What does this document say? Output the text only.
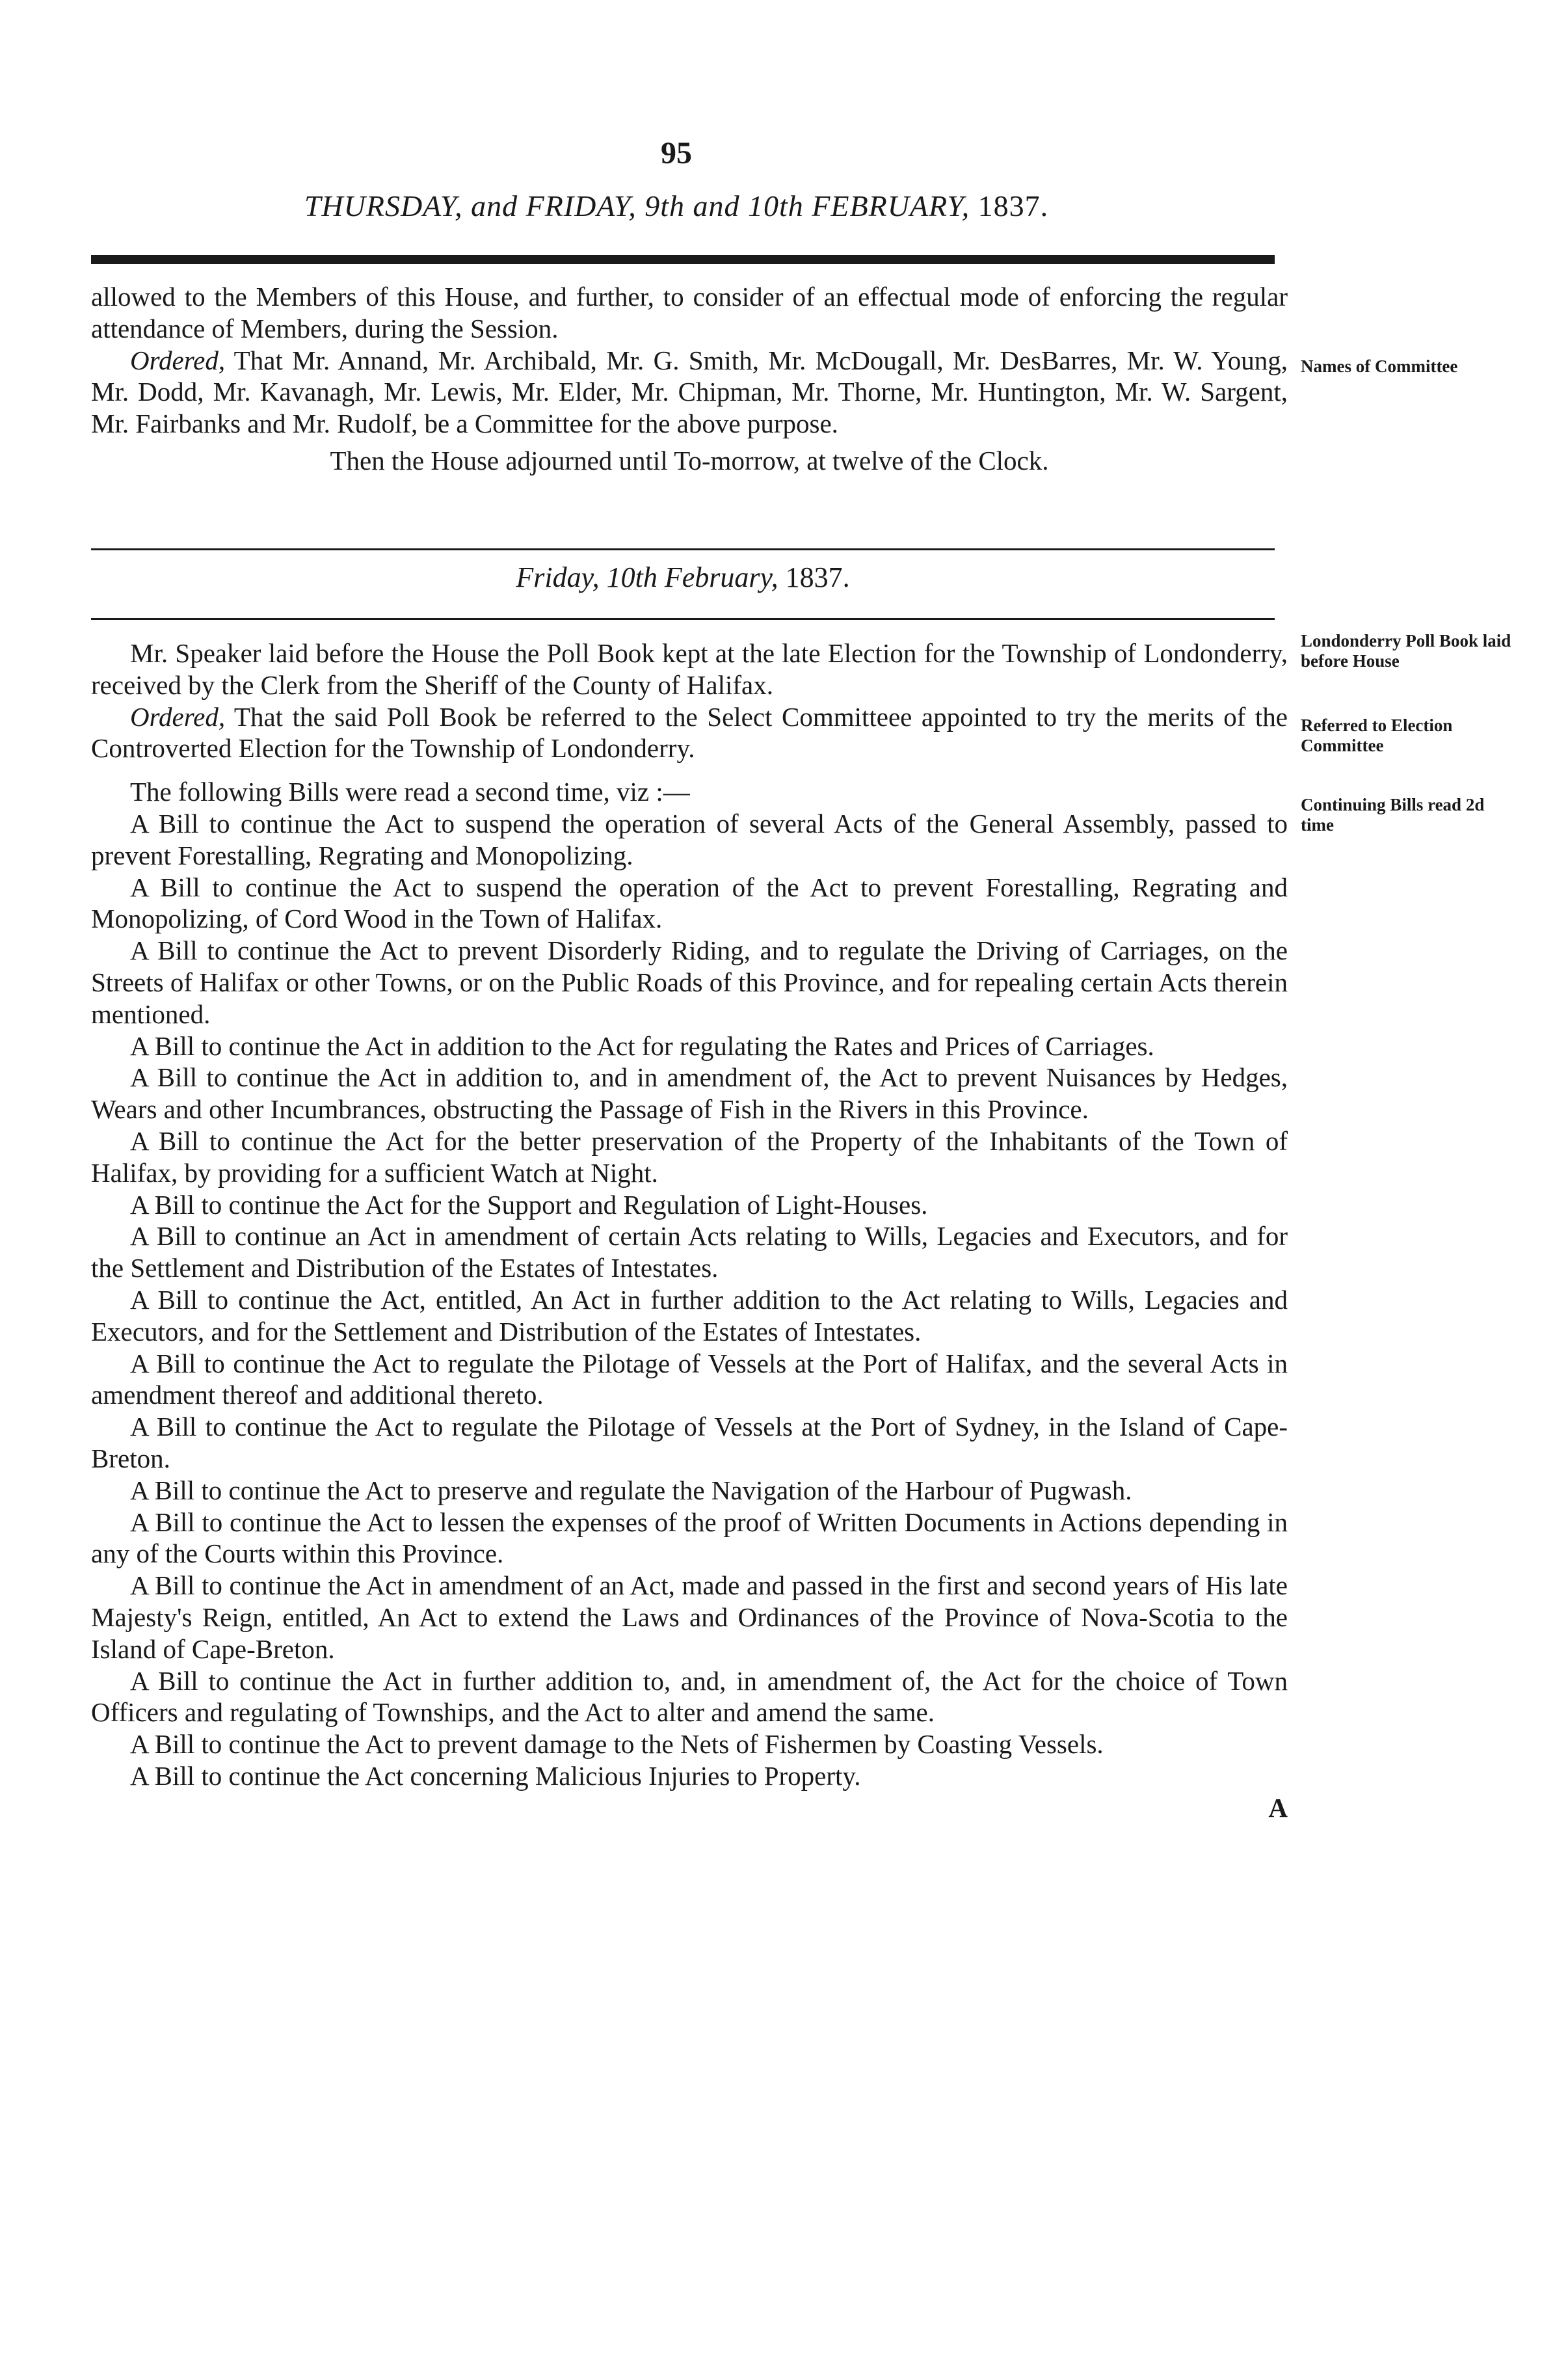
95
THURSDAY, and FRIDAY, 9th and 10th FEBRUARY, 1837.

allowed to the Members of this House, and further, to consider of an effectual mode of enforcing the regular attendance of Members, during the Session.

Ordered, That Mr. Annand, Mr. Archibald, Mr. G. Smith, Mr. McDougall, Mr. DesBarres, Mr. W. Young, Mr. Dodd, Mr. Kavanagh, Mr. Lewis, Mr. Elder, Mr. Chipman, Mr. Thorne, Mr. Huntington, Mr. W. Sargent, Mr. Fairbanks and Mr. Rudolf, be a Committee for the above purpose.

Then the House adjourned until To-morrow, at twelve of the Clock.

Friday, 10th February, 1837.

Mr. Speaker laid before the House the Poll Book kept at the late Election for the Township of Londonderry, received by the Clerk from the Sheriff of the County of Halifax.

Ordered, That the said Poll Book be referred to the Select Committeee appointed to try the merits of the Controverted Election for the Township of Londonderry.

The following Bills were read a second time, viz :—

A Bill to continue the Act to suspend the operation of several Acts of the General Assembly, passed to prevent Forestalling, Regrating and Monopolizing.

A Bill to continue the Act to suspend the operation of the Act to prevent Forestalling, Regrating and Monopolizing, of Cord Wood in the Town of Halifax.

A Bill to continue the Act to prevent Disorderly Riding, and to regulate the Driving of Carriages, on the Streets of Halifax or other Towns, or on the Public Roads of this Province, and for repealing certain Acts therein mentioned.

A Bill to continue the Act in addition to the Act for regulating the Rates and Prices of Carriages.

A Bill to continue the Act in addition to, and in amendment of, the Act to prevent Nuisances by Hedges, Wears and other Incumbrances, obstructing the Passage of Fish in the Rivers in this Province.

A Bill to continue the Act for the better preservation of the Property of the Inhabitants of the Town of Halifax, by providing for a sufficient Watch at Night.

A Bill to continue the Act for the Support and Regulation of Light-Houses.

A Bill to continue an Act in amendment of certain Acts relating to Wills, Legacies and Executors, and for the Settlement and Distribution of the Estates of Intestates.

A Bill to continue the Act, entitled, An Act in further addition to the Act relating to Wills, Legacies and Executors, and for the Settlement and Distribution of the Estates of Intestates.

A Bill to continue the Act to regulate the Pilotage of Vessels at the Port of Halifax, and the several Acts in amendment thereof and additional thereto.

A Bill to continue the Act to regulate the Pilotage of Vessels at the Port of Sydney, in the Island of Cape-Breton.

A Bill to continue the Act to preserve and regulate the Navigation of the Harbour of Pugwash.

A Bill to continue the Act to lessen the expenses of the proof of Written Documents in Actions depending in any of the Courts within this Province.

A Bill to continue the Act in amendment of an Act, made and passed in the first and second years of His late Majesty's Reign, entitled, An Act to extend the Laws and Ordinances of the Province of Nova-Scotia to the Island of Cape-Breton.

A Bill to continue the Act in further addition to, and, in amendment of, the Act for the choice of Town Officers and regulating of Townships, and the Act to alter and amend the same.

A Bill to continue the Act to prevent damage to the Nets of Fishermen by Coasting Vessels.

A Bill to continue the Act concerning Malicious Injuries to Property.

A

Names of Committee
Londonderry Poll Book laid before House
Referred to Election Committee
Continuing Bills read 2d time
